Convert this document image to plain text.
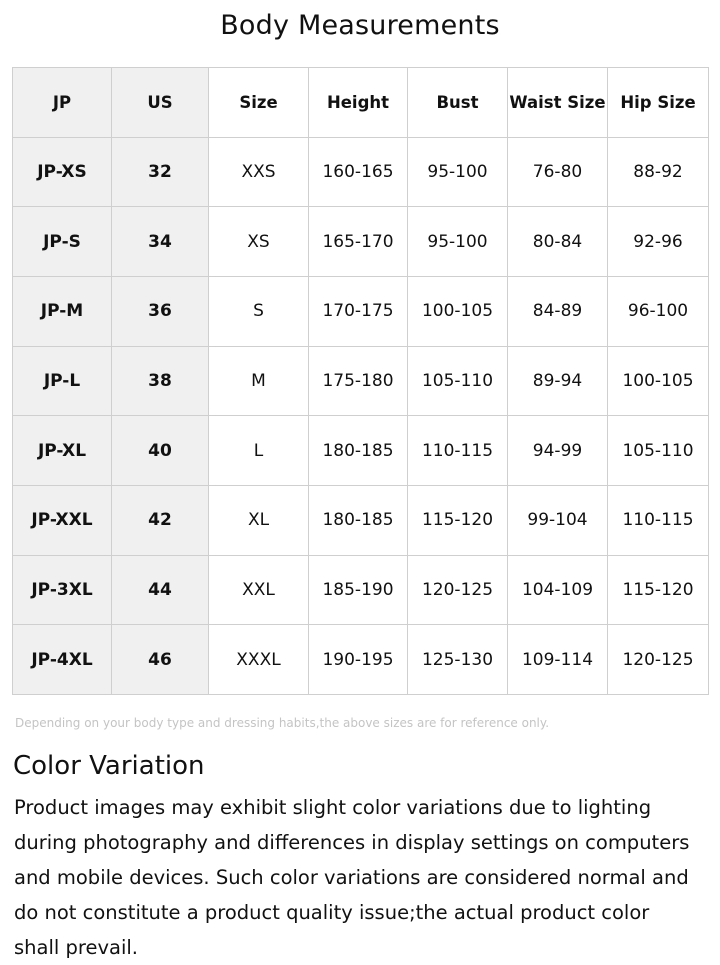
Body Measurements
JP	US	Size	Height	Bust	Waist Size	Hip Size
JP-XS	32	XXS	160-165	95-100	76-80	88-92
JP-S	34	XS	165-170	95-100	80-84	92-96
JP-M	36	S	170-175	100-105	84-89	96-100
JP-L	38	M	175-180	105-110	89-94	100-105
JP-XL	40	L	180-185	110-115	94-99	105-110
JP-XXL	42	XL	180-185	115-120	99-104	110-115
JP-3XL	44	XXL	185-190	120-125	104-109	115-120
JP-4XL	46	XXXL	190-195	125-130	109-114	120-125
Depending on your body type and dressing habits,the above sizes are for reference only.
Color Variation
Product images may exhibit slight color variations due to lighting
during photography and differences in display settings on computers
and mobile devices. Such color variations are considered normal and
do not constitute a product quality issue;the actual product color
shall prevail.
